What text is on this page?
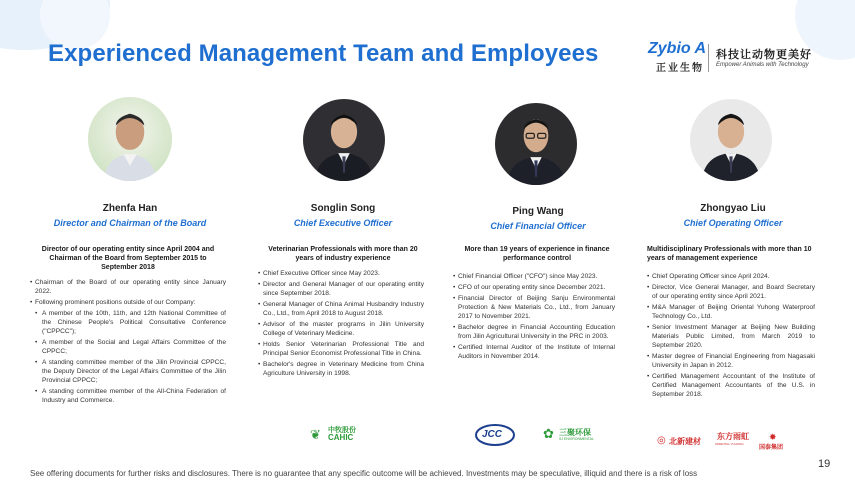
Experienced Management Team and Employees	Zybio A
正业生物
科技让动物更美好
Empower Animals with Technology
Zhenfa Han
Director and Chairman of the Board
Director of our operating entity since April 2004 and Chairman of the Board from September 2015 to September 2018
• Chairman of the Board of our operating entity since January 2022.
• Following prominent positions outside of our Company:
• A member of the 10th, 11th, and 12th National Committee of the Chinese People's Political Consultative Conference ("CPPCC");
• A member of the Social and Legal Affairs Committee of the CPPCC;
• A standing committee member of the Jilin Provincial CPPCC, the Deputy Director of the Legal Affairs Committee of the Jilin Provincial CPPCC;
• A standing committee member of the All-China Federation of Industry and Commerce.
Songlin Song
Chief Executive Officer
Veterinarian Professionals with more than 20 years of industry experience
• Chief Executive Officer since May 2023.
• Director and General Manager of our operating entity since September 2018.
• General Manager of China Animal Husbandry Industry Co., Ltd., from April 2018 to August 2018.
• Advisor of the master programs in Jilin University College of Veterinary Medicine.
• Holds Senior Veterinarian Professional Title and Principal Senior Economist Professional Title in China.
• Bachelor's degree in Veterinary Medicine from China Agriculture University in 1998.
❦ 中牧股份
CAHIC
Ping Wang
Chief Financial Officer
More than 19 years of experience in finance performance control
• Chief Financial Officer ("CFO") since May 2023.
• CFO of our operating entity since December 2021.
• Financial Director of Beijing Sanju Environmental Protection & New Materials Co., Ltd., from January 2017 to November 2021.
• Bachelor degree in Financial Accounting Education from Jilin Agricultural University in the PRC in 2003.
• Certified Internal Auditor of the Institute of Internal Auditors in November 2014.
JCC	✿ 三聚环保
SJ ENVIRONMENTAL
Zhongyao Liu
Chief Operating Officer
Multidisciplinary Professionals with more than 10 years of management experience
• Chief Operating Officer since April 2024.
• Director, Vice General Manager, and Board Secretary of our operating entity since April 2021.
• M&A Manager of Beijing Oriental Yuhong Waterproof Technology Co., Ltd.
• Senior Investment Manager at Beijing New Building Materials Public Limited, from March 2019 to September 2020.
• Master degree of Financial Engineering from Nagasaki University in Japan in 2012.
• Certified Management Accountant of the Institute of Certified Management Accountants of the U.S. in September 2018.
◎ 北新建材
东方雨虹
ORIENTAL YUHONG
✸
国泰集团
See offering documents for further risks and disclosures. There is no guarantee that any specific outcome will be achieved. Investments may be speculative, illiquid and there is a risk of loss
19
